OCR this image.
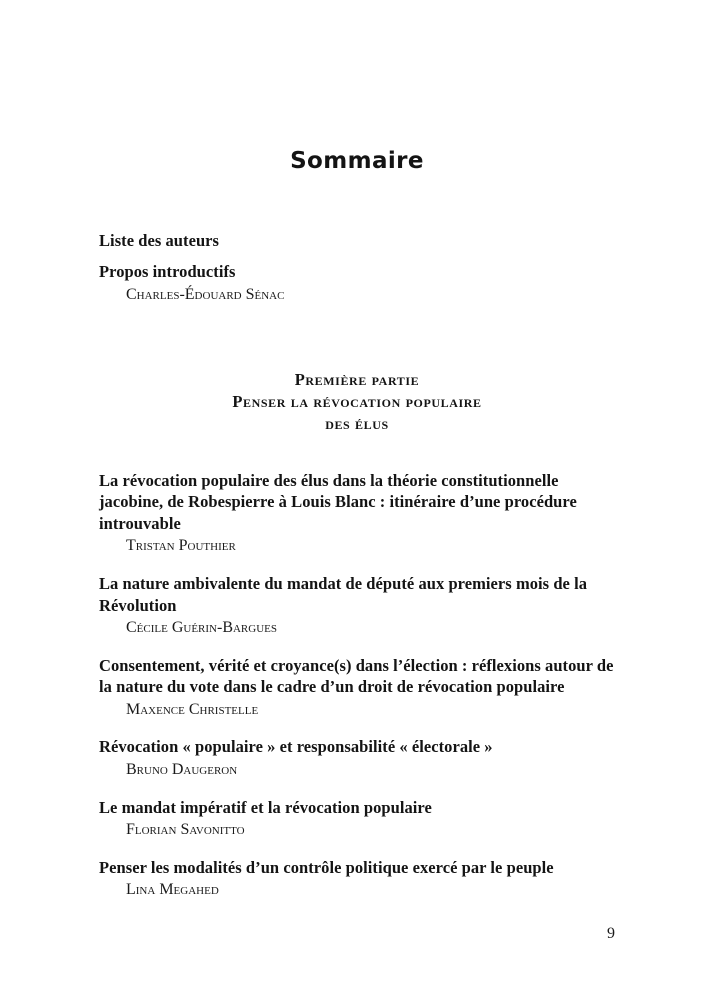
Sommaire
Liste des auteurs
Propos introductifs
Charles-Édouard Sénac
Première partie
Penser la révocation populaire
des élus
La révocation populaire des élus dans la théorie constitutionnelle jacobine, de Robespierre à Louis Blanc : itinéraire d’une procédure introuvable
Tristan Pouthier
La nature ambivalente du mandat de député aux premiers mois de la Révolution
Cécile Guérin-Bargues
Consentement, vérité et croyance(s) dans l’élection : réflexions autour de la nature du vote dans le cadre d’un droit de révocation populaire
Maxence Christelle
Révocation « populaire » et responsabilité « électorale »
Bruno Daugeron
Le mandat impératif et la révocation populaire
Florian Savonitto
Penser les modalités d’un contrôle politique exercé par le peuple
Lina Megahed
9
